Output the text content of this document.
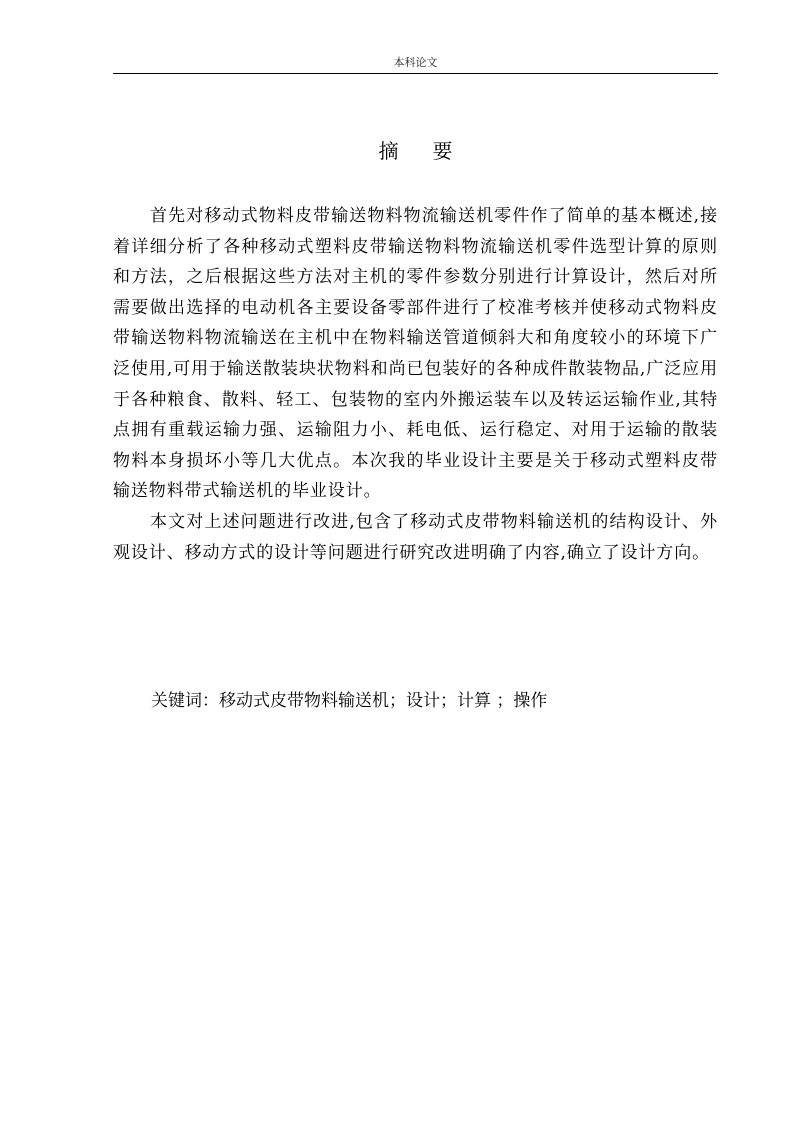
本科论文
摘要

首先对移动式物料皮带输送物料物流输送机零件作了简单的基本概述,接着详细分析了各种移动式塑料皮带输送物料物流输送机零件选型计算的原则和方法，之后根据这些方法对主机的零件参数分别进行计算设计，然后对所需要做出选择的电动机各主要设备零部件进行了校准考核并使移动式物料皮带输送物料物流输送在主机中在物料输送管道倾斜大和角度较小的环境下广泛使用,可用于输送散装块状物料和尚已包装好的各种成件散装物品,广泛应用于各种粮食、散料、轻工、包装物的室内外搬运装车以及转运运输作业,其特点拥有重载运输力强、运输阻力小、耗电低、运行稳定、对用于运输的散装物料本身损坏小等几大优点。本次我的毕业设计主要是关于移动式塑料皮带输送物料带式输送机的毕业设计。

本文对上述问题进行改进,包含了移动式皮带物料输送机的结构设计、外观设计、移动方式的设计等问题进行研究改进明确了内容,确立了设计方向。

关键词：移动式皮带物料输送机；设计；计算 ；操作
